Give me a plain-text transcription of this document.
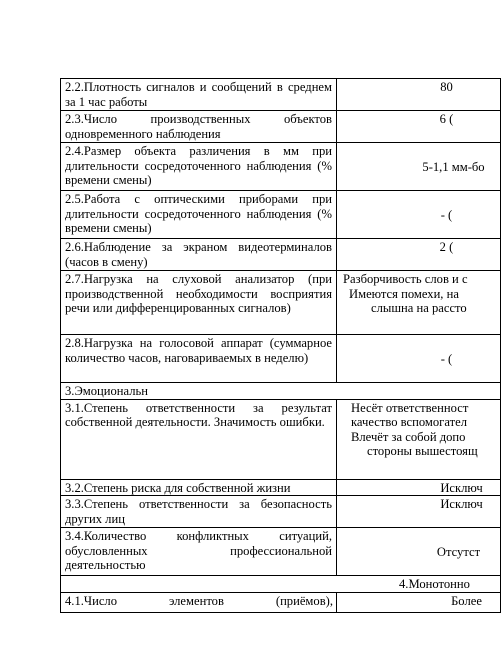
2.2.Плотность сигналов и сообщений в среднем за 1 час работы	80
2.3.Число производственных объектов одновременного наблюдения	6 (
2.4.Размер объекта различения в мм при длительности сосредоточенного наблюдения (% времени смены)	5-1,1 мм-бо
2.5.Работа с оптическими приборами при длительности сосредоточенного наблюдения (% времени смены)	- (
2.6.Наблюдение за экраном видеотерминалов (часов в смену)	2 (
2.7.Нагрузка на слуховой анализатор (при производственной необходимости восприятия речи или дифференцированных сигналов)	Разборчивость слов и с
Имеются помехи, на
слышна на рассто

2.8.Нагрузка на голосовой аппарат (суммарное количество часов, наговариваемых в неделю)	- (
3.Эмоциональн	
3.1.Степень ответственности за результат собственной деятельности. Значимость ошибки.	Несёт ответственност
качество вспомогател
Влечёт за собой допо
стороны вышестоящ

3.2.Степень риска для собственной жизни	Исключ
3.3.Степень ответственности за безопасность других лиц	Исключ
3.4.Количество конфликтных ситуаций, обусловленных профессиональной деятельностью	Отсутст
4.Монотонно	

4.1.Число элементов (приёмов),	Более
